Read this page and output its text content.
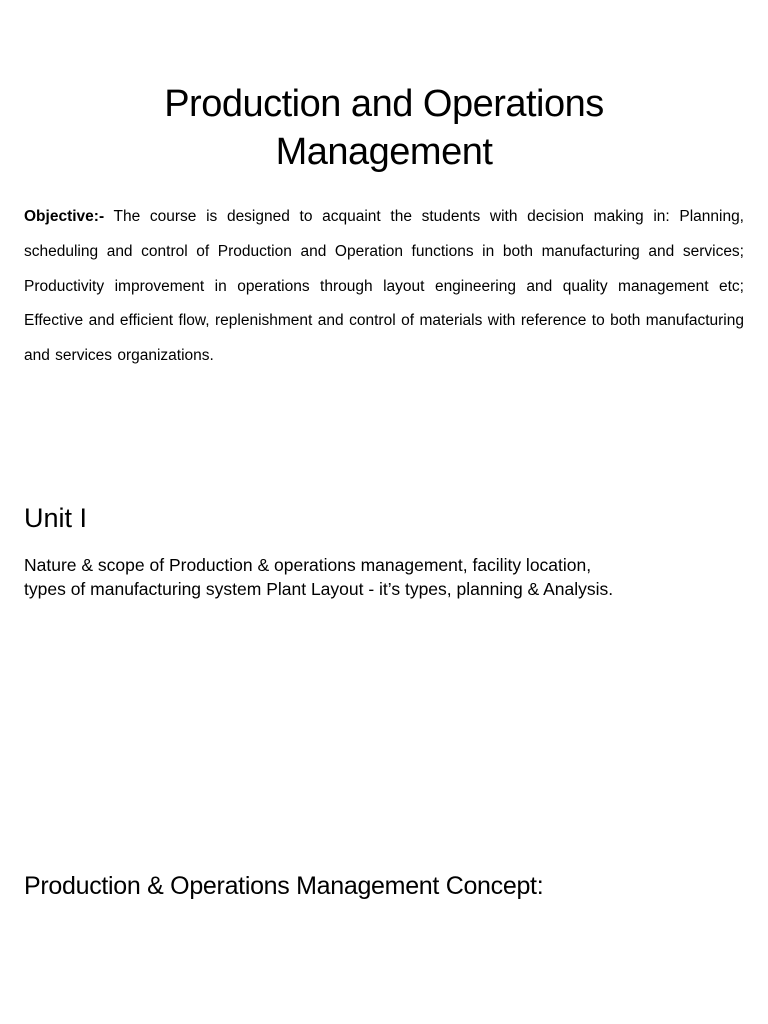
Production and Operations
Management
Objective:- The course is designed to acquaint the students with decision making in: Planning, scheduling and control of Production and Operation functions in both manufacturing and services; Productivity improvement in operations through layout engineering and quality management etc; Effective and efficient flow, replenishment and control of materials with reference to both manufacturing and services organizations.
Unit I
Nature & scope of Production & operations management, facility location,
types of manufacturing system Plant Layout - it’s types, planning & Analysis.
Production & Operations Management Concept:
